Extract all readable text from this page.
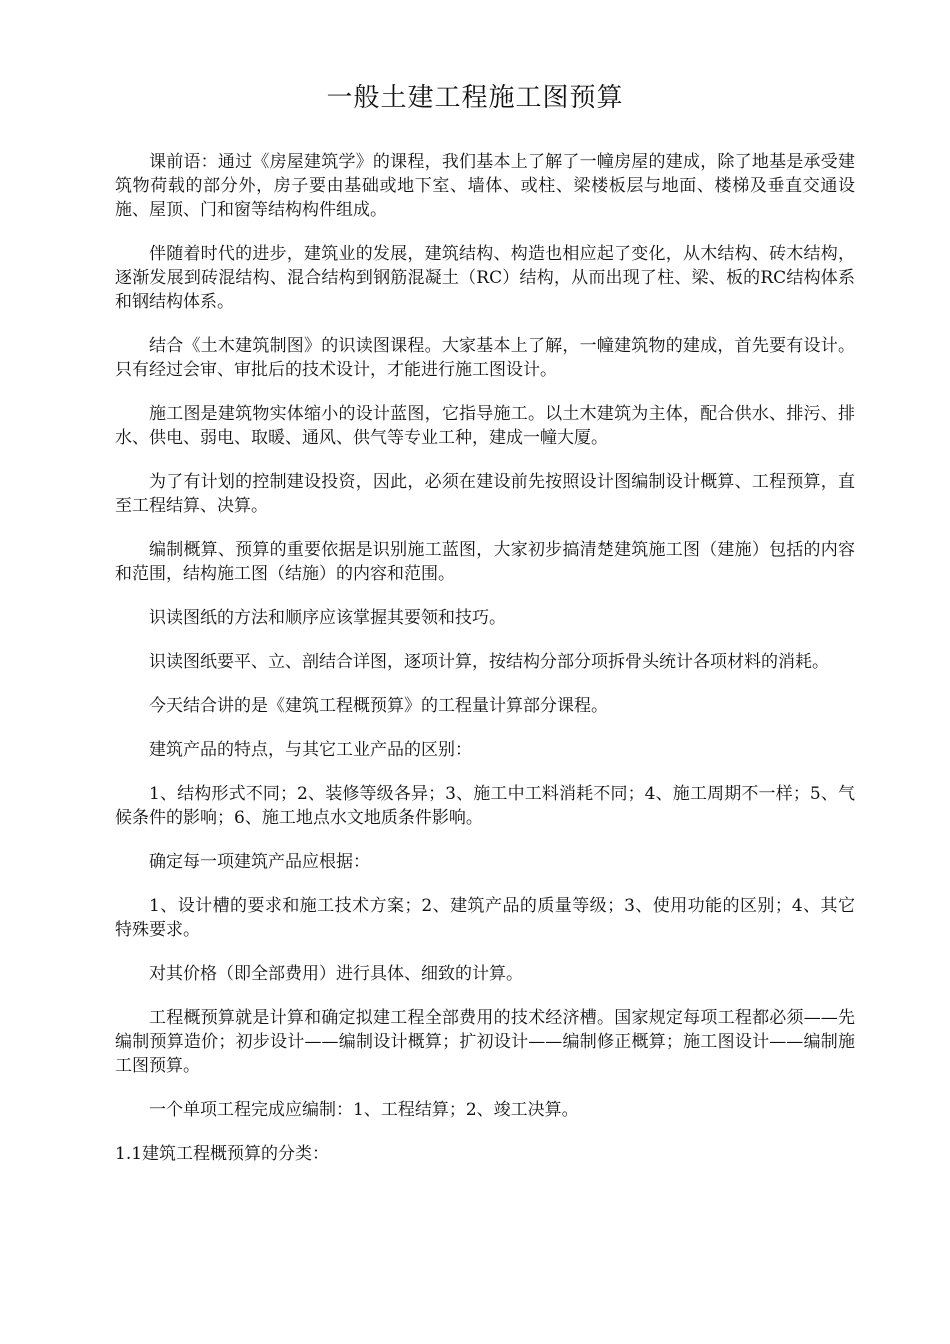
一般土建工程施工图预算

课前语：通过《房屋建筑学》的课程，我们基本上了解了一幢房屋的建成，除了地基是承受建筑物荷载的部分外，房子要由基础或地下室、墙体、或柱、梁楼板层与地面、楼梯及垂直交通设施、屋顶、门和窗等结构构件组成。

伴随着时代的进步，建筑业的发展，建筑结构、构造也相应起了变化，从木结构、砖木结构，逐渐发展到砖混结构、混合结构到钢筋混凝土（RC）结构，从而出现了柱、梁、板的RC结构体系和钢结构体系。

结合《土木建筑制图》的识读图课程。大家基本上了解，一幢建筑物的建成，首先要有设计。只有经过会审、审批后的技术设计，才能进行施工图设计。

施工图是建筑物实体缩小的设计蓝图，它指导施工。以土木建筑为主体，配合供水、排污、排水、供电、弱电、取暖、通风、供气等专业工种，建成一幢大厦。

为了有计划的控制建设投资，因此，必须在建设前先按照设计图编制设计概算、工程预算，直至工程结算、决算。

编制概算、预算的重要依据是识别施工蓝图，大家初步搞清楚建筑施工图（建施）包括的内容和范围，结构施工图（结施）的内容和范围。

识读图纸的方法和顺序应该掌握其要领和技巧。

识读图纸要平、立、剖结合详图，逐项计算，按结构分部分项拆骨头统计各项材料的消耗。

今天结合讲的是《建筑工程概预算》的工程量计算部分课程。

建筑产品的特点，与其它工业产品的区别：

1、结构形式不同；2、装修等级各异；3、施工中工料消耗不同；4、施工周期不一样；5、气候条件的影响；6、施工地点水文地质条件影响。

确定每一项建筑产品应根据：

1、设计槽的要求和施工技术方案；2、建筑产品的质量等级；3、使用功能的区别；4、其它特殊要求。

对其价格（即全部费用）进行具体、细致的计算。

工程概预算就是计算和确定拟建工程全部费用的技术经济槽。国家规定每项工程都必须——先编制预算造价；初步设计——编制设计概算；扩初设计——编制修正概算；施工图设计——编制施工图预算。

一个单项工程完成应编制：1、工程结算；2、竣工决算。

1.1建筑工程概预算的分类：
